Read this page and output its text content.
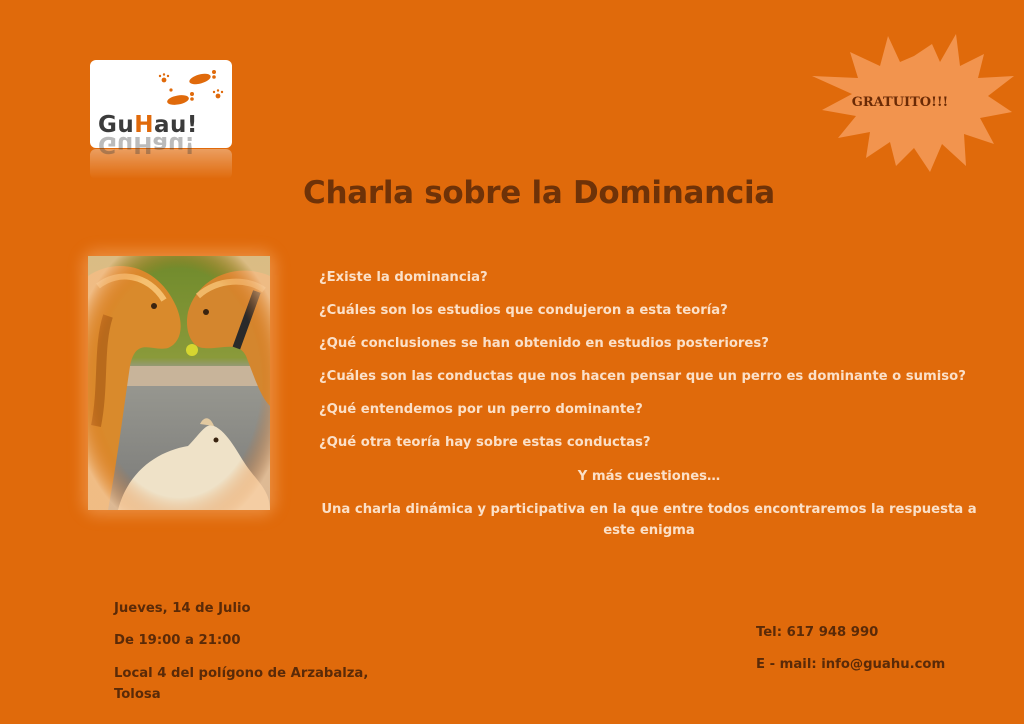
GuHau!
GuHau!
GRATUITO!!!
Charla sobre la Dominancia
¿Existe la dominancia?
¿Cuáles son los estudios que condujeron a esta teoría?
¿Qué conclusiones se han obtenido en estudios posteriores?
¿Cuáles son las conductas que nos hacen pensar que un perro es dominante o sumiso?
¿Qué entendemos por un perro dominante?
¿Qué otra teoría hay sobre estas conductas?
Y más cuestiones…
Una charla dinámica y participativa en la que entre todos encontraremos la respuesta a este enigma
Jueves, 14 de Julio
De 19:00 a 21:00
Local 4 del polígono de Arzabalza,
Tolosa
Tel: 617 948 990
E - mail: info@guahu.com
